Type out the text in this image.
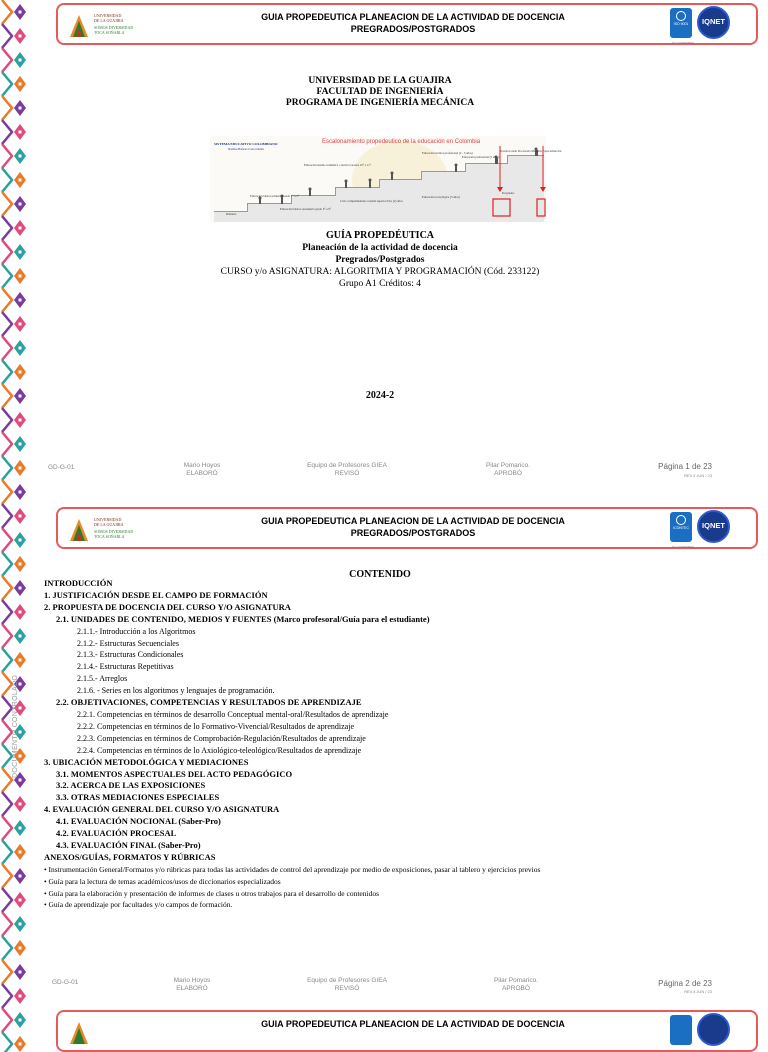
DOCUMENTO CONTROLADO
UNIVERSIDAD
DE LA GUAJIRA
SOMOS DIVERSIDAD
TOCA SOÑARLA
GUIA PROPEDEUTICA PLANEACION DE LA ACTIVIDAD DE DOCENCIA
PREGRADOS/POSTGRADOS	ISO 9001	IQNET
SC-CER000000
UNIVERSIDAD DE LA GUAJIRA
FACULTAD DE INGENIERÍA
PROGRAMA DE INGENIERÍA MECÁNICA
Escalonamiento propedeutico de la educación en Colombia
SISTEMA EDUCATIVO COLOMBIANO
Normas Básicas Concordadas
Primaria
Educación básica primaria Grado 1° a 5°
Educación básica secundaria grado 6° a 9°
Educación media académica o técnica Grados 10° a 11°
Ciclo complementario normal superior Dos (2) años
Educación técnica profesional (2 - 3 años)
Educación tecnológica (3 años)
Educación profesional (5 años)
Postdoctorado Doctorado Maestría Especialización
Posgrados
GUÍA PROPEDÉUTICA
Planeación de la actividad de docencia
Pregrados/Postgrados
CURSO y/o ASIGNATURA: ALGORITMIA Y PROGRAMACIÓN (Cód. 233122)
Grupo A1 Créditos: 4
2024-2
GD-G-01	Mario Hoyos
ELABORÓ
Equipo de Profesores GIEA
REVISÓ
Pilar Pomarico.
APROBÓ
Página 1 de 23
REV.4 JUN / 23
UNIVERSIDAD
DE LA GUAJIRA
SOMOS DIVERSIDAD
TOCA SOÑARLA
GUIA PROPEDEUTICA PLANEACION DE LA ACTIVIDAD DE DOCENCIA
PREGRADOS/POSTGRADOS	ICONTEC	IQNET
SC-CER000000
CONTENIDO
INTRODUCCIÓN
1. JUSTIFICACIÓN DESDE EL CAMPO DE FORMACIÓN
2. PROPUESTA DE DOCENCIA DEL CURSO Y/O ASIGNATURA
2.1. UNIDADES DE CONTENIDO, MEDIOS Y FUENTES (Marco profesoral/Guía para el estudiante)
2.1.1.- Introducción a los Algoritmos
2.1.2.- Estructuras Secuenciales
2.1.3.- Estructuras Condicionales
2.1.4.- Estructuras Repetitivas
2.1.5.- Arreglos
2.1.6. - Series en los algoritmos y lenguajes de programación.
2.2. OBJETIVACIONES, COMPETENCIAS Y RESULTADOS DE APRENDIZAJE
2.2.1. Competencias en términos de desarrollo Conceptual mental-oral/Resultados de aprendizaje
2.2.2. Competencias en términos de lo Formativo-Vivencial/Resultados de aprendizaje
2.2.3. Competencias en términos de Comprobación-Regulación/Resultados de aprendizaje
2.2.4. Competencias en términos de lo Axiológico-teleológico/Resultados de aprendizaje
3. UBICACIÓN METODOLÓGICA Y MEDIACIONES
3.1. MOMENTOS ASPECTUALES DEL ACTO PEDAGÓGICO
3.2. ACERCA DE LAS EXPOSICIONES
3.3. OTRAS MEDIACIONES ESPECIALES
4. EVALUACIÓN GENERAL DEL CURSO Y/O ASIGNATURA
4.1. EVALUACIÓN NOCIONAL (Saber-Pro)
4.2. EVALUACIÓN PROCESAL
4.3. EVALUACIÓN FINAL (Saber-Pro)
ANEXOS/GUÍAS, FORMATOS Y RÚBRICAS
• Instrumentación General/Formatos y/o rúbricas para todas las actividades de control del aprendizaje por medio de exposiciones, pasar al tablero y ejercicios previos
• Guía para la lectura de temas académicos/usos de diccionarios especializados
• Guía para la elaboración y presentación de informes de clases u otros trabajos para el desarrollo de contenidos
• Guía de aprendizaje por facultades y/o campos de formación.
GD-G-01	Mario Hoyos
ELABORÓ
Equipo de Profesores GIEA
REVISÓ
Pilar Pomarico.
APROBÓ
Página 2 de 23
REV.4 JUN / 23
GUIA PROPEDEUTICA PLANEACION DE LA ACTIVIDAD DE DOCENCIA
